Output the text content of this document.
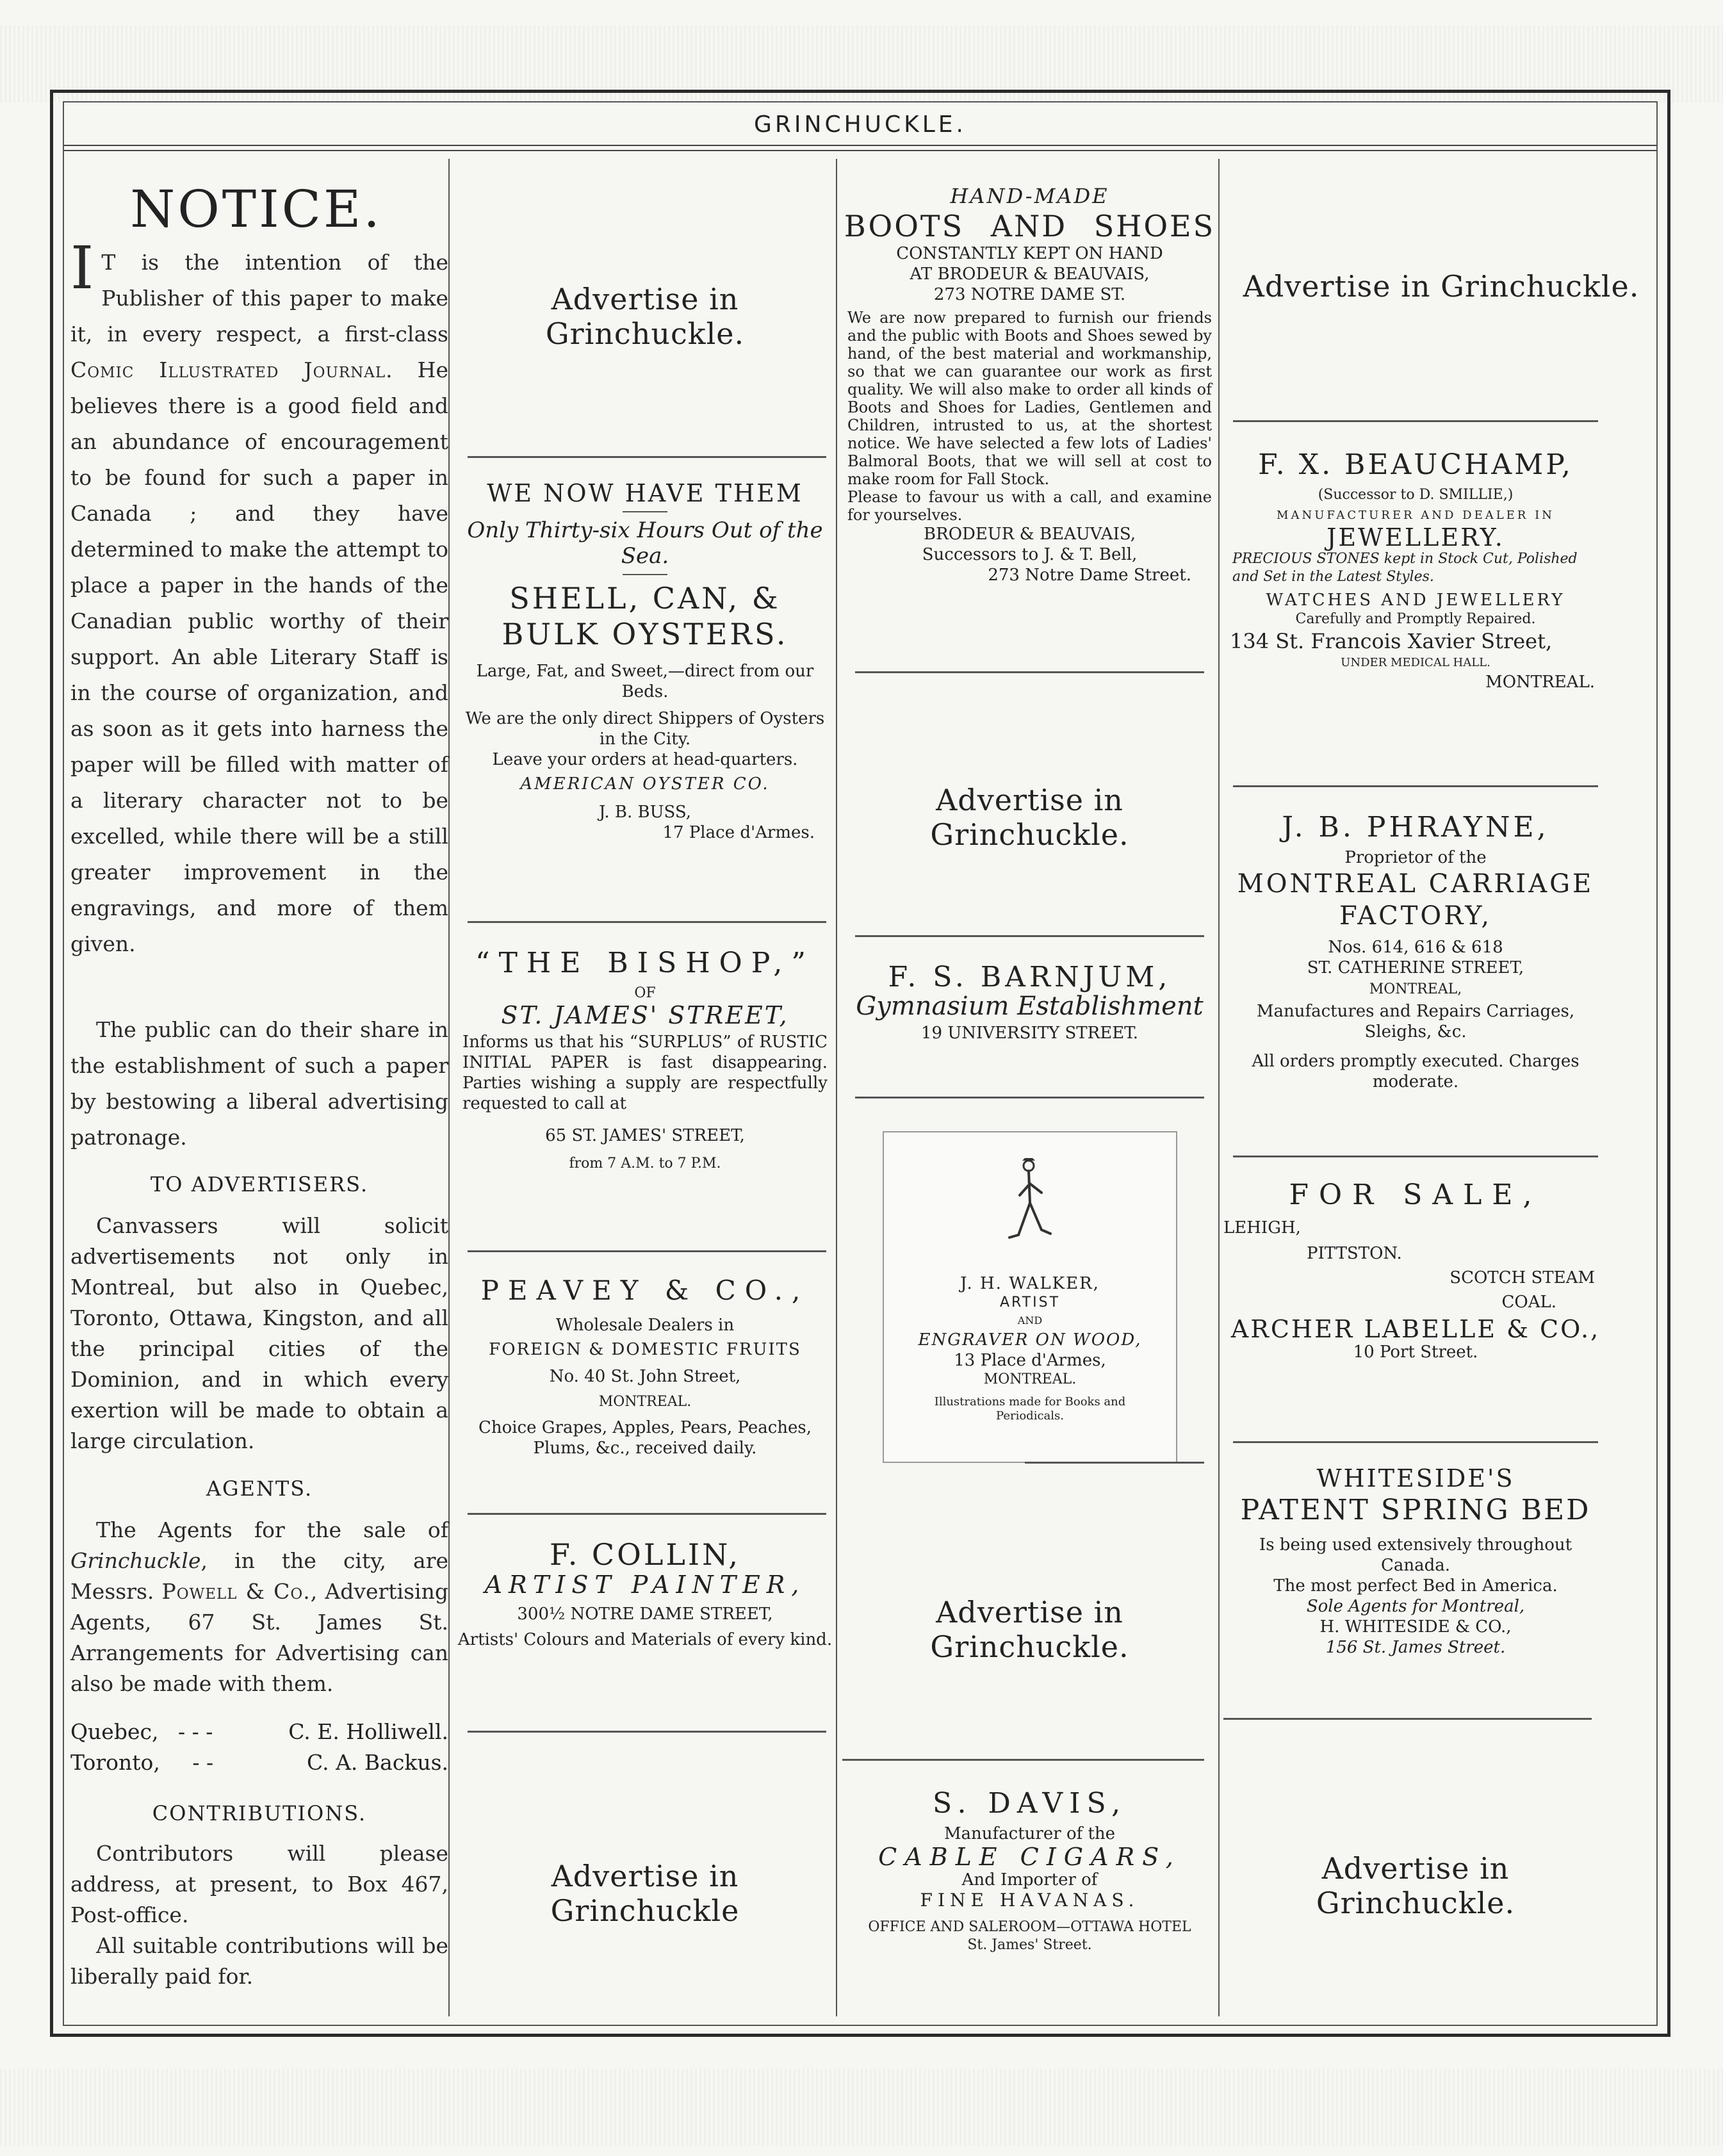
GRINCHUCKLE.
NOTICE.
I T is the intention of the Publisher of this paper to make it, in every respect, a first-class Comic Illustrated Journal. He believes there is a good field and an abundance of encouragement to be found for such a paper in Canada ; and they have determined to make the attempt to place a paper in the hands of the Canadian public worthy of their support. An able Literary Staff is in the course of organization, and as soon as it gets into harness the paper will be filled with matter of a literary character not to be excelled, while there will be a still greater improvement in the engravings, and more of them given.
The public can do their share in the establishment of such a paper by bestowing a liberal advertising patronage.
TO ADVERTISERS.
Canvassers will solicit advertisements not only in Montreal, but also in Quebec, Toronto, Ottawa, Kingston, and all the principal cities of the Dominion, and in which every exertion will be made to obtain a large circulation.
AGENTS.
The Agents for the sale of Grinchuckle, in the city, are Messrs. Powell & Co., Advertising Agents, 67 St. James St. Arrangements for Advertising can also be made with them.
Quebec, - - -	C. E. Holliwell.
Toronto, - -	C. A. Backus.
CONTRIBUTIONS.
Contributors will please address, at present, to Box 467, Post-office.
All suitable contributions will be liberally paid for.
Advertise in Grinchuckle.
WE NOW HAVE THEM
Only Thirty-six Hours Out of the Sea.
SHELL, CAN, & BULK OYSTERS.
Large, Fat, and Sweet,—direct from our Beds.
We are the only direct Shippers of Oysters in the City.
Leave your orders at head-quarters.
AMERICAN OYSTER CO.
J. B. BUSS,
17 Place d'Armes.
“THE BISHOP,”
OF
ST. JAMES' STREET,
Informs us that his “SURPLUS” of RUSTIC INITIAL PAPER is fast disappearing. Parties wishing a supply are respectfully requested to call at
65 ST. JAMES' STREET,
from 7 A.M. to 7 P.M.
PEAVEY & CO.,
Wholesale Dealers in
FOREIGN & DOMESTIC FRUITS
No. 40 St. John Street,
MONTREAL.
Choice Grapes, Apples, Pears, Peaches, Plums, &c., received daily.
F. COLLIN,
ARTIST PAINTER,
300½ NOTRE DAME STREET,
Artists' Colours and Materials of every kind.
Advertise in Grinchuckle
HAND-MADE
BOOTS AND SHOES
CONSTANTLY KEPT ON HAND
AT BRODEUR & BEAUVAIS,
273 NOTRE DAME ST.
We are now prepared to furnish our friends and the public with Boots and Shoes sewed by hand, of the best material and workmanship, so that we can guarantee our work as first quality. We will also make to order all kinds of Boots and Shoes for Ladies, Gentlemen and Children, intrusted to us, at the shortest notice. We have selected a few lots of Ladies' Balmoral Boots, that we will sell at cost to make room for Fall Stock.
Please to favour us with a call, and examine for yourselves.
BRODEUR & BEAUVAIS,
Successors to J. & T. Bell,
273 Notre Dame Street.
Advertise in Grinchuckle.
F. S. BARNJUM,
Gymnasium Establishment
19 UNIVERSITY STREET.
J. H. WALKER,
ARTIST
AND
ENGRAVER ON WOOD,
13 Place d'Armes,
MONTREAL.
Illustrations made for Books and Periodicals.
Advertise in Grinchuckle.
S. DAVIS,
Manufacturer of the
CABLE CIGARS,
And Importer of
FINE HAVANAS.
OFFICE AND SALEROOM—OTTAWA HOTEL
St. James' Street.
Advertise in Grinchuckle.
F. X. BEAUCHAMP,
(Successor to D. SMILLIE,)
MANUFACTURER AND DEALER IN
JEWELLERY.
PRECIOUS STONES kept in Stock Cut, Polished and Set in the Latest Styles.
WATCHES AND JEWELLERY
Carefully and Promptly Repaired.
134 St. Francois Xavier Street,
UNDER MEDICAL HALL.
MONTREAL.
J. B. PHRAYNE,
Proprietor of the
MONTREAL CARRIAGE FACTORY,
Nos. 614, 616 & 618
ST. CATHERINE STREET,
MONTREAL,
Manufactures and Repairs Carriages, Sleighs, &c.
All orders promptly executed. Charges moderate.
FOR SALE,
LEHIGH,
PITTSTON.
SCOTCH STEAM
COAL.
ARCHER LABELLE & CO.,
10 Port Street.
WHITESIDE'S
PATENT SPRING BED
Is being used extensively throughout Canada.
The most perfect Bed in America.
Sole Agents for Montreal,
H. WHITESIDE & CO.,
156 St. James Street.
Advertise in Grinchuckle.
